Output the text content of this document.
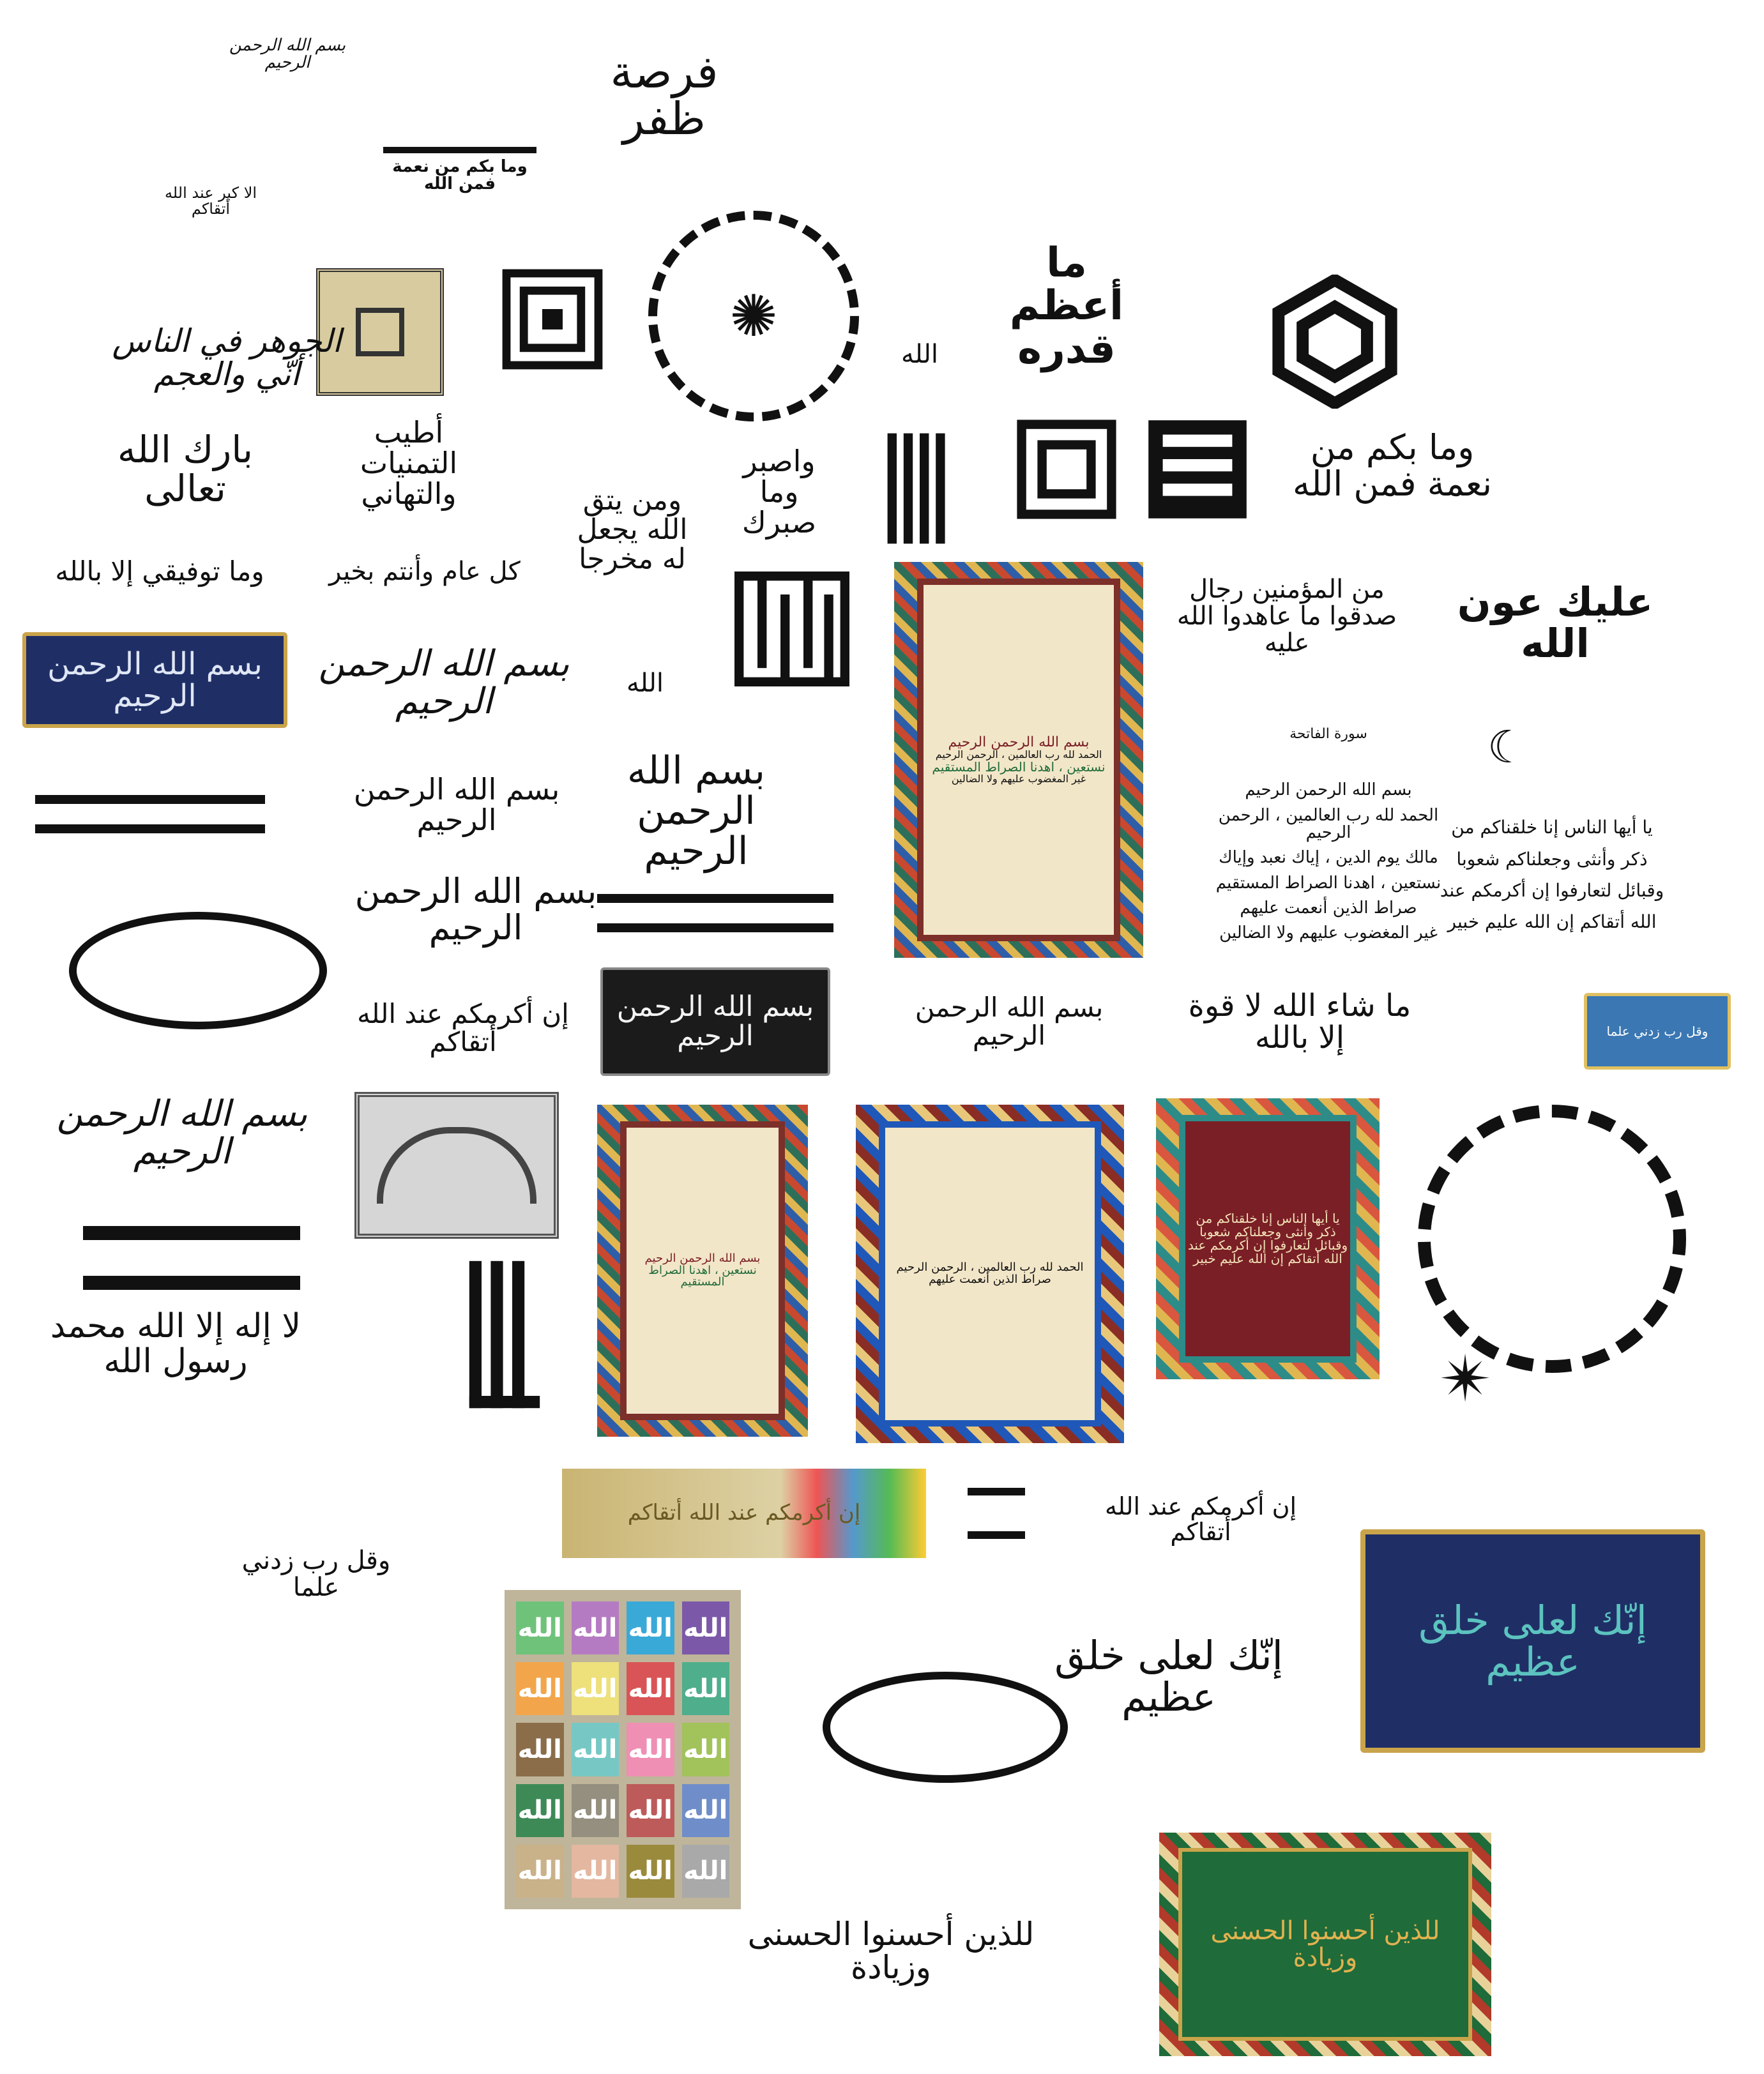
بسم الله الرحمن الرحيم	فرصة ظفر
وما بكم من نعمة فمن الله
الا كبر عند الله أتقاكم
✺
ما أعظم قدره
الله
الجوهر في الناس أنّي والعجم
بارك الله تعالى
وما توفيقي إلا بالله
أطيب التمنيات والتهاني
كل عام وأنتم بخير
ومن يتق الله يجعل له مخرجا
واصبر وما صبرك
وما بكم من نعمة فمن الله
بسم الله الرحمن الرحيم
الحمد لله رب العالمين ، الرحمن الرحيم
نستعين ، اهدنا الصراط المستقيم
غير المغضوب عليهم ولا الضالين
من المؤمنين رجال صدقوا ما عاهدوا الله عليه
عليك عون الله
بسم الله الرحمن الرحيم
بسم الله الرحمن الرحيم	الله
سورة الفاتحة
بسم الله الرحمن الرحيم
الحمد لله رب العالمين ، الرحمن الرحيم
مالك يوم الدين ، إياك نعبد وإياك
نستعين ، اهدنا الصراط المستقيم
صراط الذين أنعمت عليهم
غير المغضوب عليهم ولا الضالين
☾
يا أيها الناس إنا خلقناكم من
ذكر وأنثى وجعلناكم شعوبا
وقبائل لتعارفوا إن أكرمكم عند
الله أتقاكم إن الله عليم خبير
بسم الله الرحمن الرحيم
بسم الله الرحمن الرحيم
بسم الله الرحمن الرحيم
إن أكرمكم عند الله أتقاكم
بسم الله الرحمن الرحيم
بسم الله الرحمن الرحيم
ما شاء الله لا قوة إلا بالله	وقل رب زدني علما
بسم الله الرحمن الرحيم
لا إله إلا الله محمد رسول الله
بسم الله الرحمن الرحيم
نستعين ، اهدنا الصراط المستقيم
الحمد لله رب العالمين ، الرحمن الرحيم
صراط الذين أنعمت عليهم
يا أيها الناس إنا خلقناكم من
ذكر وأنثى وجعلناكم شعوبا
وقبائل لتعارفوا إن أكرمكم عند
الله أتقاكم إن الله عليم خبير
✴
إن أكرمكم عند الله أتقاكم	إن أكرمكم عند الله أتقاكم
وقل رب زدني علما
الله الله الله الله
الله الله الله الله
الله الله الله الله
الله الله الله الله
الله الله الله الله
إنّك لعلى خلق عظيم
إنّك لعلى خلق عظيم
للذين أحسنوا الحسنى وزيادة
للذين أحسنوا الحسنى وزيادة
